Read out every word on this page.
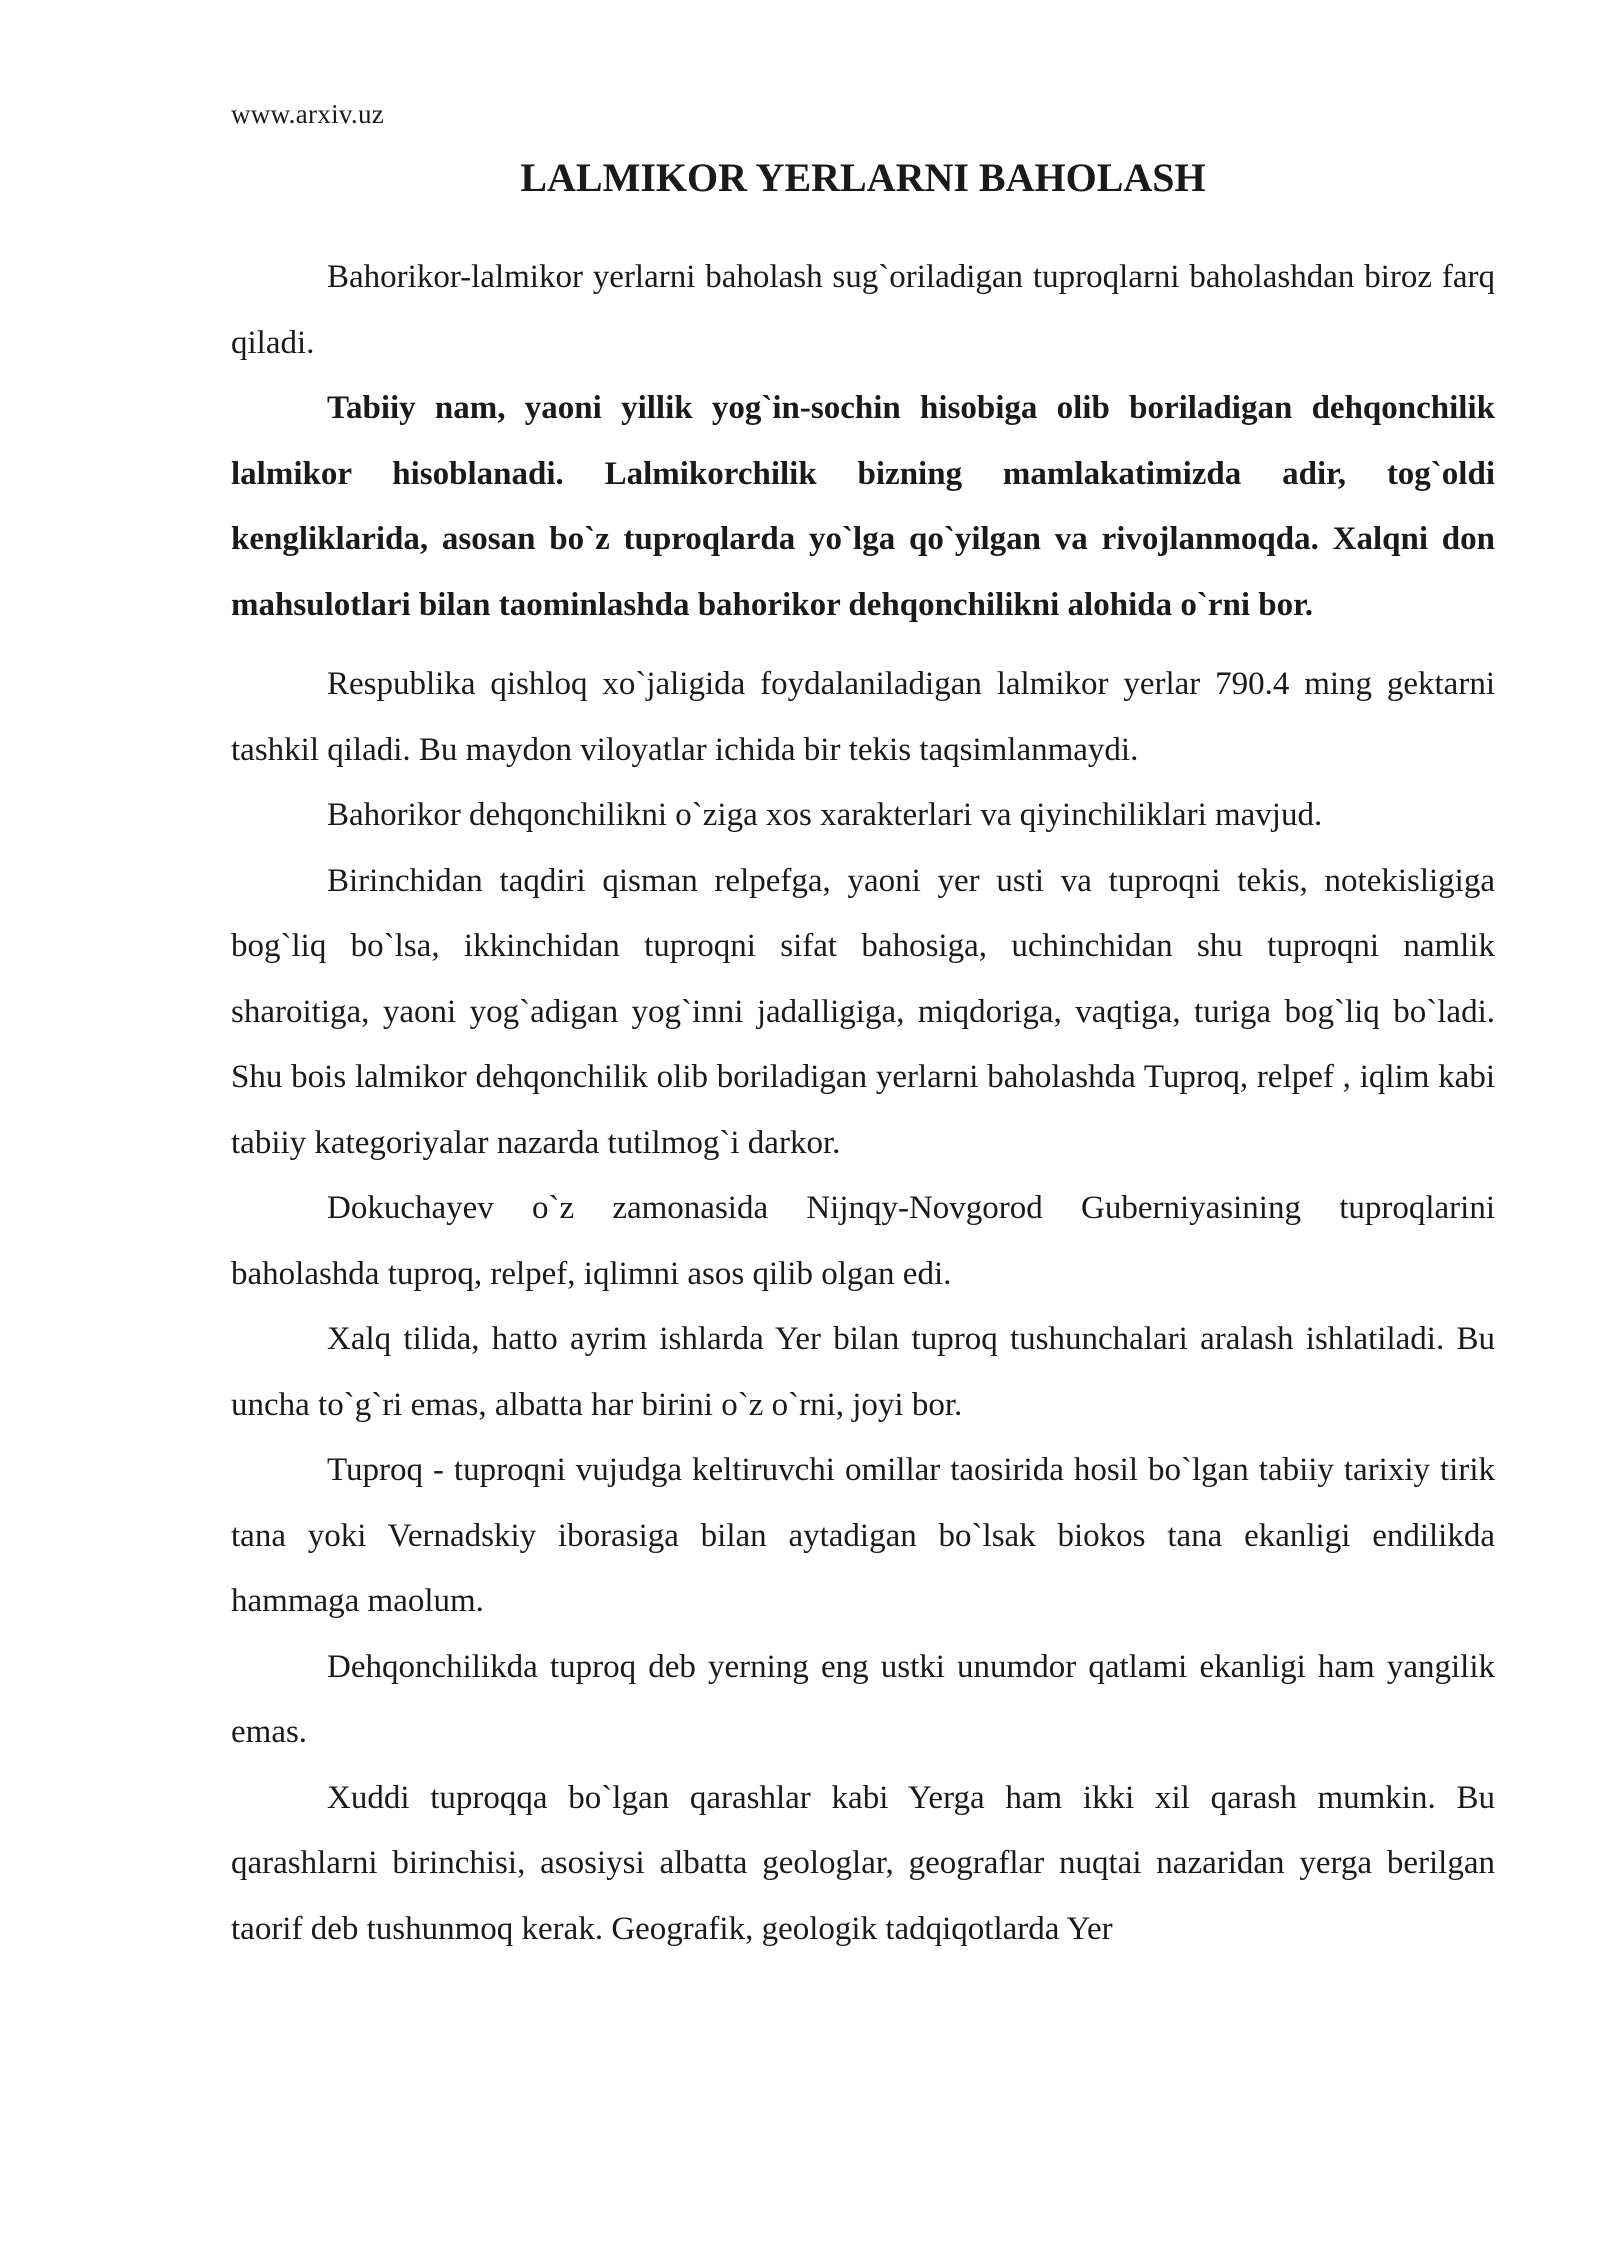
www.arxiv.uz
LALMIKOR YERLARNI BAHOLASH

Bahorikor-lalmikor yerlarni baholash sug`oriladigan tuproqlarni baholashdan biroz farq qiladi.

Tabiiy nam, yaoni yillik yog`in-sochin hisobiga olib boriladigan dehqonchilik lalmikor hisoblanadi. Lalmikorchilik bizning mamlakatimizda adir, tog`oldi kengliklarida, asosan bo`z tuproqlarda yo`lga qo`yilgan va rivojlanmoqda. Xalqni don mahsulotlari bilan taominlashda bahorikor dehqonchilikni alohida o`rni bor.

Respublika qishloq xo`jaligida foydalaniladigan lalmikor yerlar 790.4 ming gektarni tashkil qiladi. Bu maydon viloyatlar ichida bir tekis taqsimlanmaydi.

Bahorikor dehqonchilikni o`ziga xos xarakterlari va qiyinchiliklari mavjud.

Birinchidan taqdiri qisman relpefga, yaoni yer usti va tuproqni tekis, notekisligiga bog`liq bo`lsa, ikkinchidan tuproqni sifat bahosiga, uchinchidan shu tuproqni namlik sharoitiga, yaoni yog`adigan yog`inni jadalligiga, miqdoriga, vaqtiga, turiga bog`liq bo`ladi. Shu bois lalmikor dehqonchilik olib boriladigan yerlarni baholashda Tuproq, relpef , iqlim kabi tabiiy kategoriyalar nazarda tutilmog`i darkor.

Dokuchayev o`z zamonasida Nijnqy-Novgorod Guberniyasining tuproqlarini baholashda tuproq, relpef, iqlimni asos qilib olgan edi.

Xalq tilida, hatto ayrim ishlarda Yer bilan tuproq tushunchalari aralash ishlatiladi. Bu uncha to`g`ri emas, albatta har birini o`z o`rni, joyi bor.

Tuproq - tuproqni vujudga keltiruvchi omillar taosirida hosil bo`lgan tabiiy tarixiy tirik tana yoki Vernadskiy iborasiga bilan aytadigan bo`lsak biokos tana ekanligi endilikda hammaga maolum.

Dehqonchilikda tuproq deb yerning eng ustki unumdor qatlami ekanligi ham yangilik emas.

Xuddi tuproqqa bo`lgan qarashlar kabi Yerga ham ikki xil qarash mumkin. Bu qarashlarni birinchisi, asosiysi albatta geologlar, geograflar nuqtai nazaridan yerga berilgan taorif deb tushunmoq kerak. Geografik, geologik tadqiqotlarda Yer
